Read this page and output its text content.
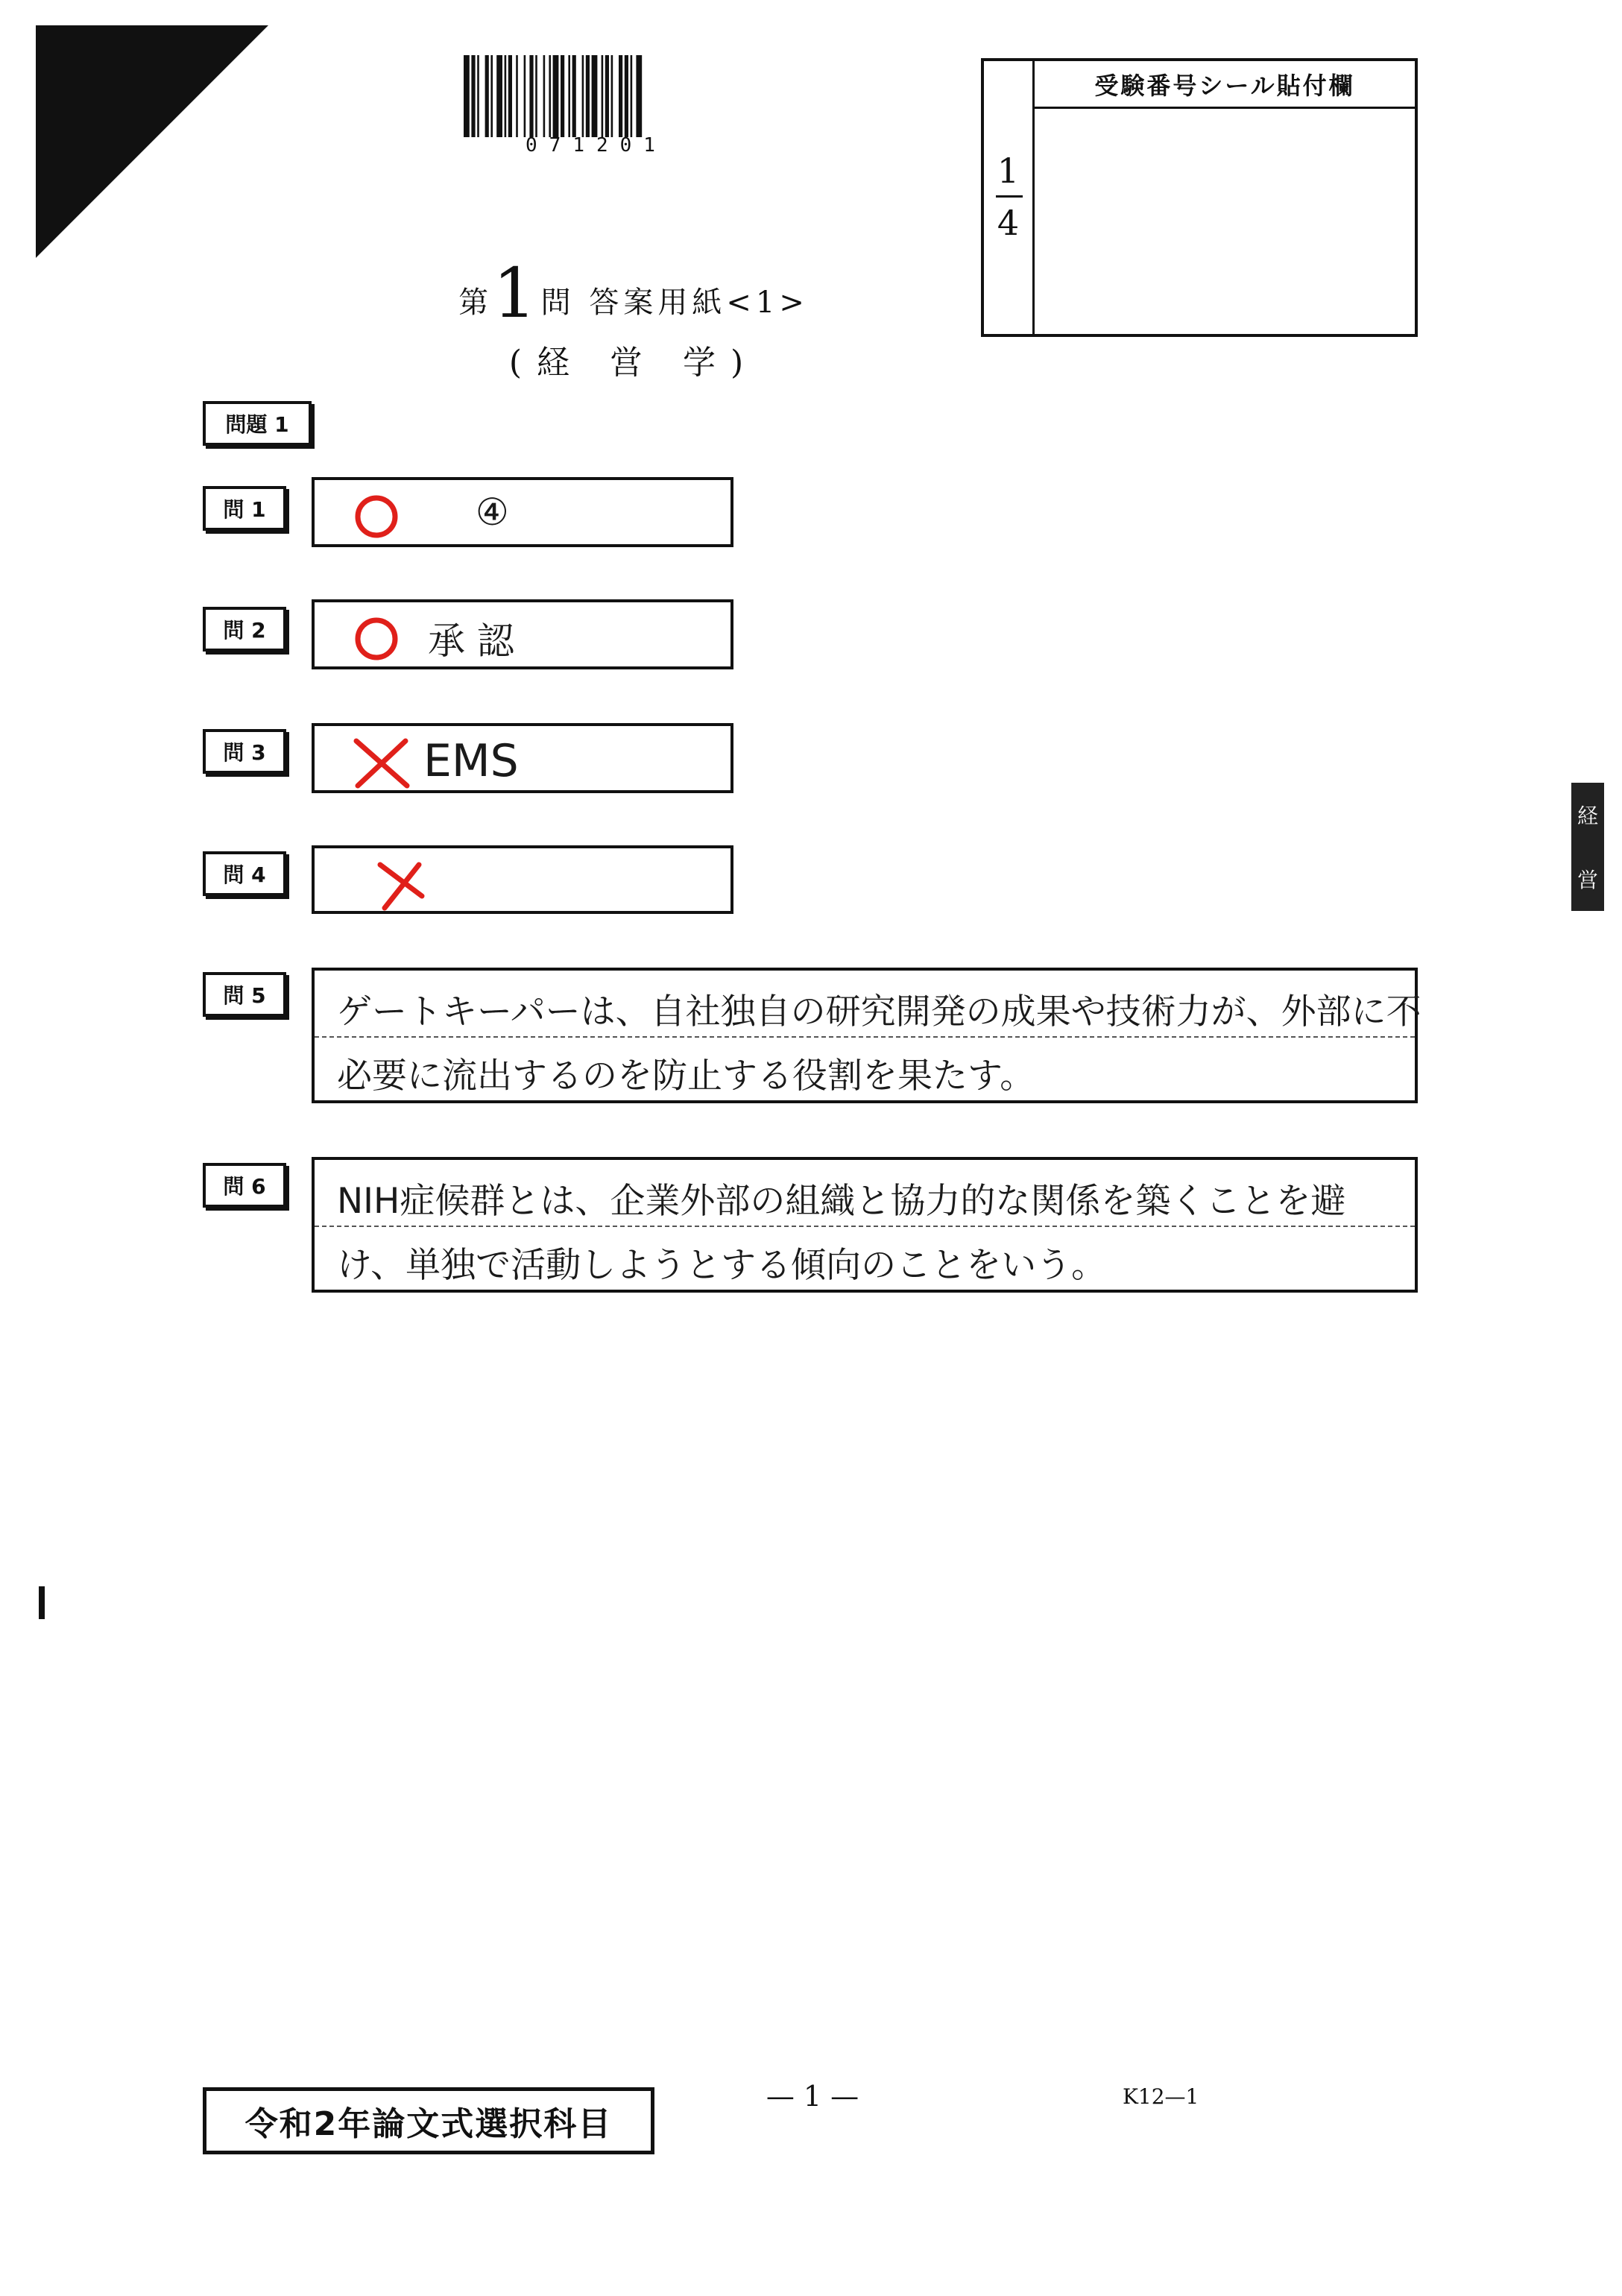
071201
第1問 答案用紙<1>
(経 営 学)
1
4
受験番号シール貼付欄
問題 1
問 1	④
問 2	承 認
問 3	EMS
問 4
問 5	ゲートキーパーは、自社独自の研究開発の成果や技術力が、外部に不
必要に流出するのを防止する役割を果たす。
問 6	NIH症候群とは、企業外部の組織と協力的な関係を築くことを避
け、単独で活動しようとする傾向のことをいう。
経
営
令和2年論文式選択科目
— 1 —	K12—1
